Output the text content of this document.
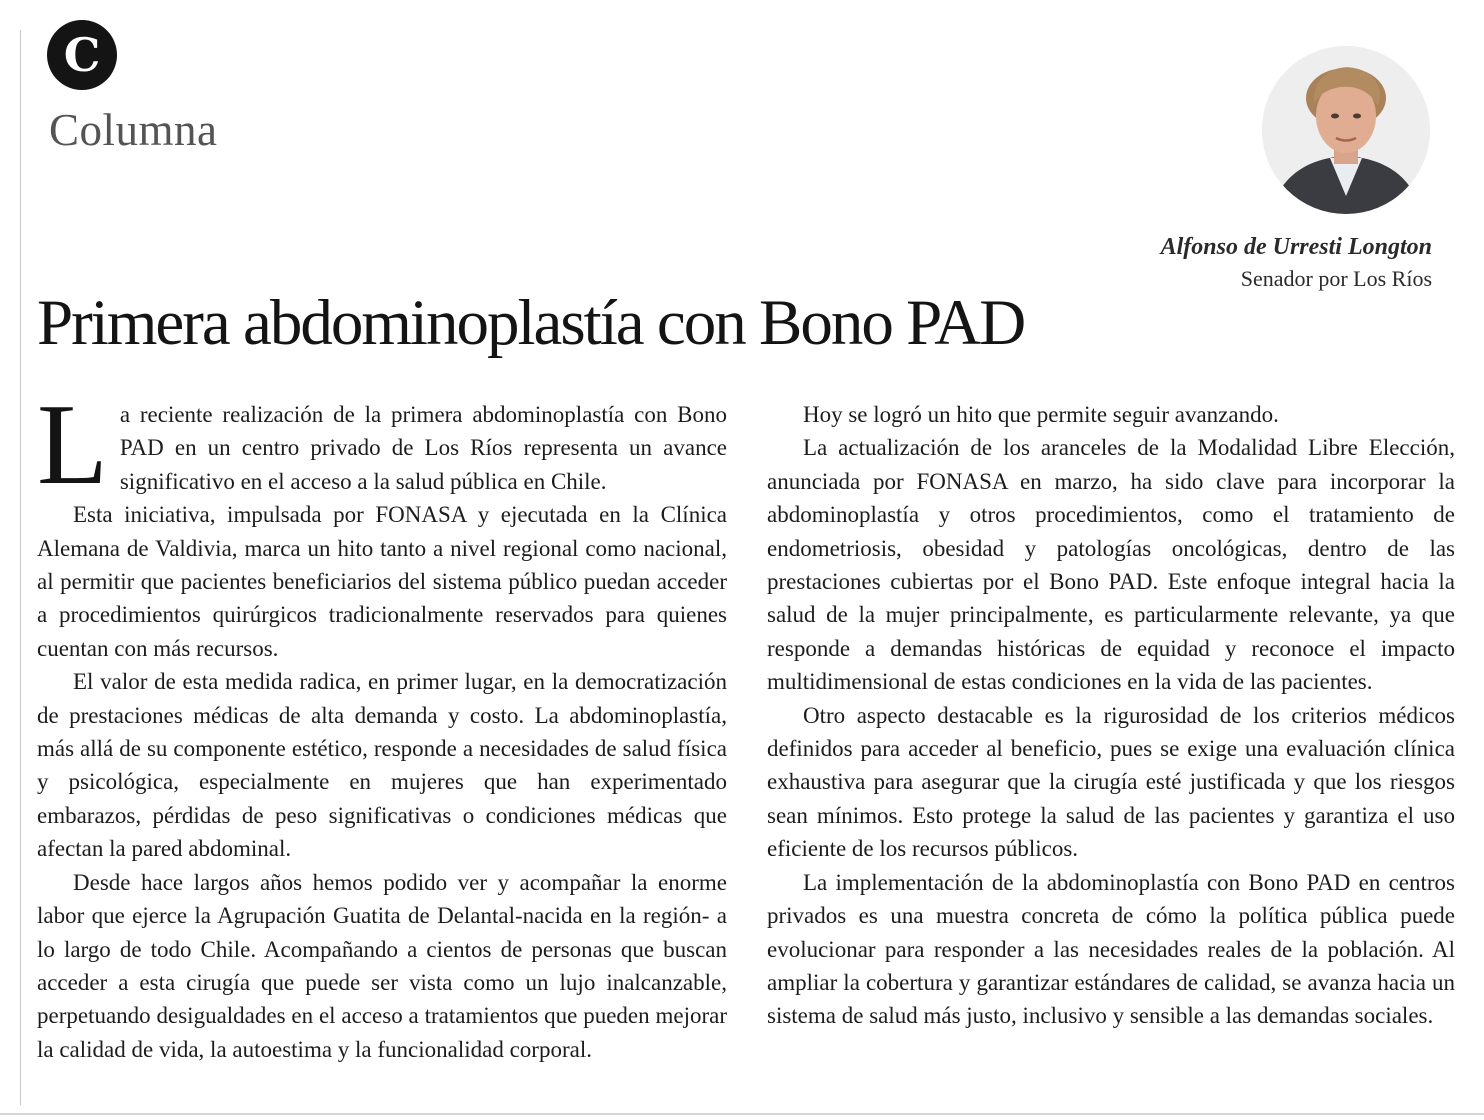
C
Columna
Alfonso de Urresti Longton
Senador por Los Ríos
Primera abdominoplastía con Bono PAD

La reciente realización de la primera abdominoplastía con Bono PAD en un centro privado de Los Ríos representa un avance significativo en el acceso a la salud pública en Chile.

Esta iniciativa, impulsada por FONASA y ejecutada en la Clínica Alemana de Valdivia, marca un hito tanto a nivel regional como nacional, al permitir que pacientes beneficiarios del sistema público puedan acceder a procedimientos quirúrgicos tradicionalmente reservados para quienes cuentan con más recursos.

El valor de esta medida radica, en primer lugar, en la democratización de prestaciones médicas de alta demanda y costo. La abdominoplastía, más allá de su componente estético, responde a necesidades de salud física y psicológica, especialmente en mujeres que han experimentado embarazos, pérdidas de peso significativas o condiciones médicas que afectan la pared abdominal.

Desde hace largos años hemos podido ver y acompañar la enorme labor que ejerce la Agrupación Guatita de Delantal-nacida en la región- a lo largo de todo Chile. Acompañando a cientos de personas que buscan acceder a esta cirugía que puede ser vista como un lujo inalcanzable, perpetuando desigualdades en el acceso a tratamientos que pueden mejorar la calidad de vida, la autoestima y la funcionalidad corporal.

Hoy se logró un hito que permite seguir avanzando.

La actualización de los aranceles de la Modalidad Libre Elección, anunciada por FONASA en marzo, ha sido clave para incorporar la abdominoplastía y otros procedimientos, como el tratamiento de endometriosis, obesidad y patologías oncológicas, dentro de las prestaciones cubiertas por el Bono PAD. Este enfoque integral hacia la salud de la mujer principalmente, es particularmente relevante, ya que responde a demandas históricas de equidad y reconoce el impacto multidimensional de estas condiciones en la vida de las pacientes.

Otro aspecto destacable es la rigurosidad de los criterios médicos definidos para acceder al beneficio, pues se exige una evaluación clínica exhaustiva para asegurar que la cirugía esté justificada y que los riesgos sean mínimos. Esto protege la salud de las pacientes y garantiza el uso eficiente de los recursos públicos.

La implementación de la abdominoplastía con Bono PAD en centros privados es una muestra concreta de cómo la política pública puede evolucionar para responder a las necesidades reales de la población. Al ampliar la cobertura y garantizar estándares de calidad, se avanza hacia un sistema de salud más justo, inclusivo y sensible a las demandas sociales.
